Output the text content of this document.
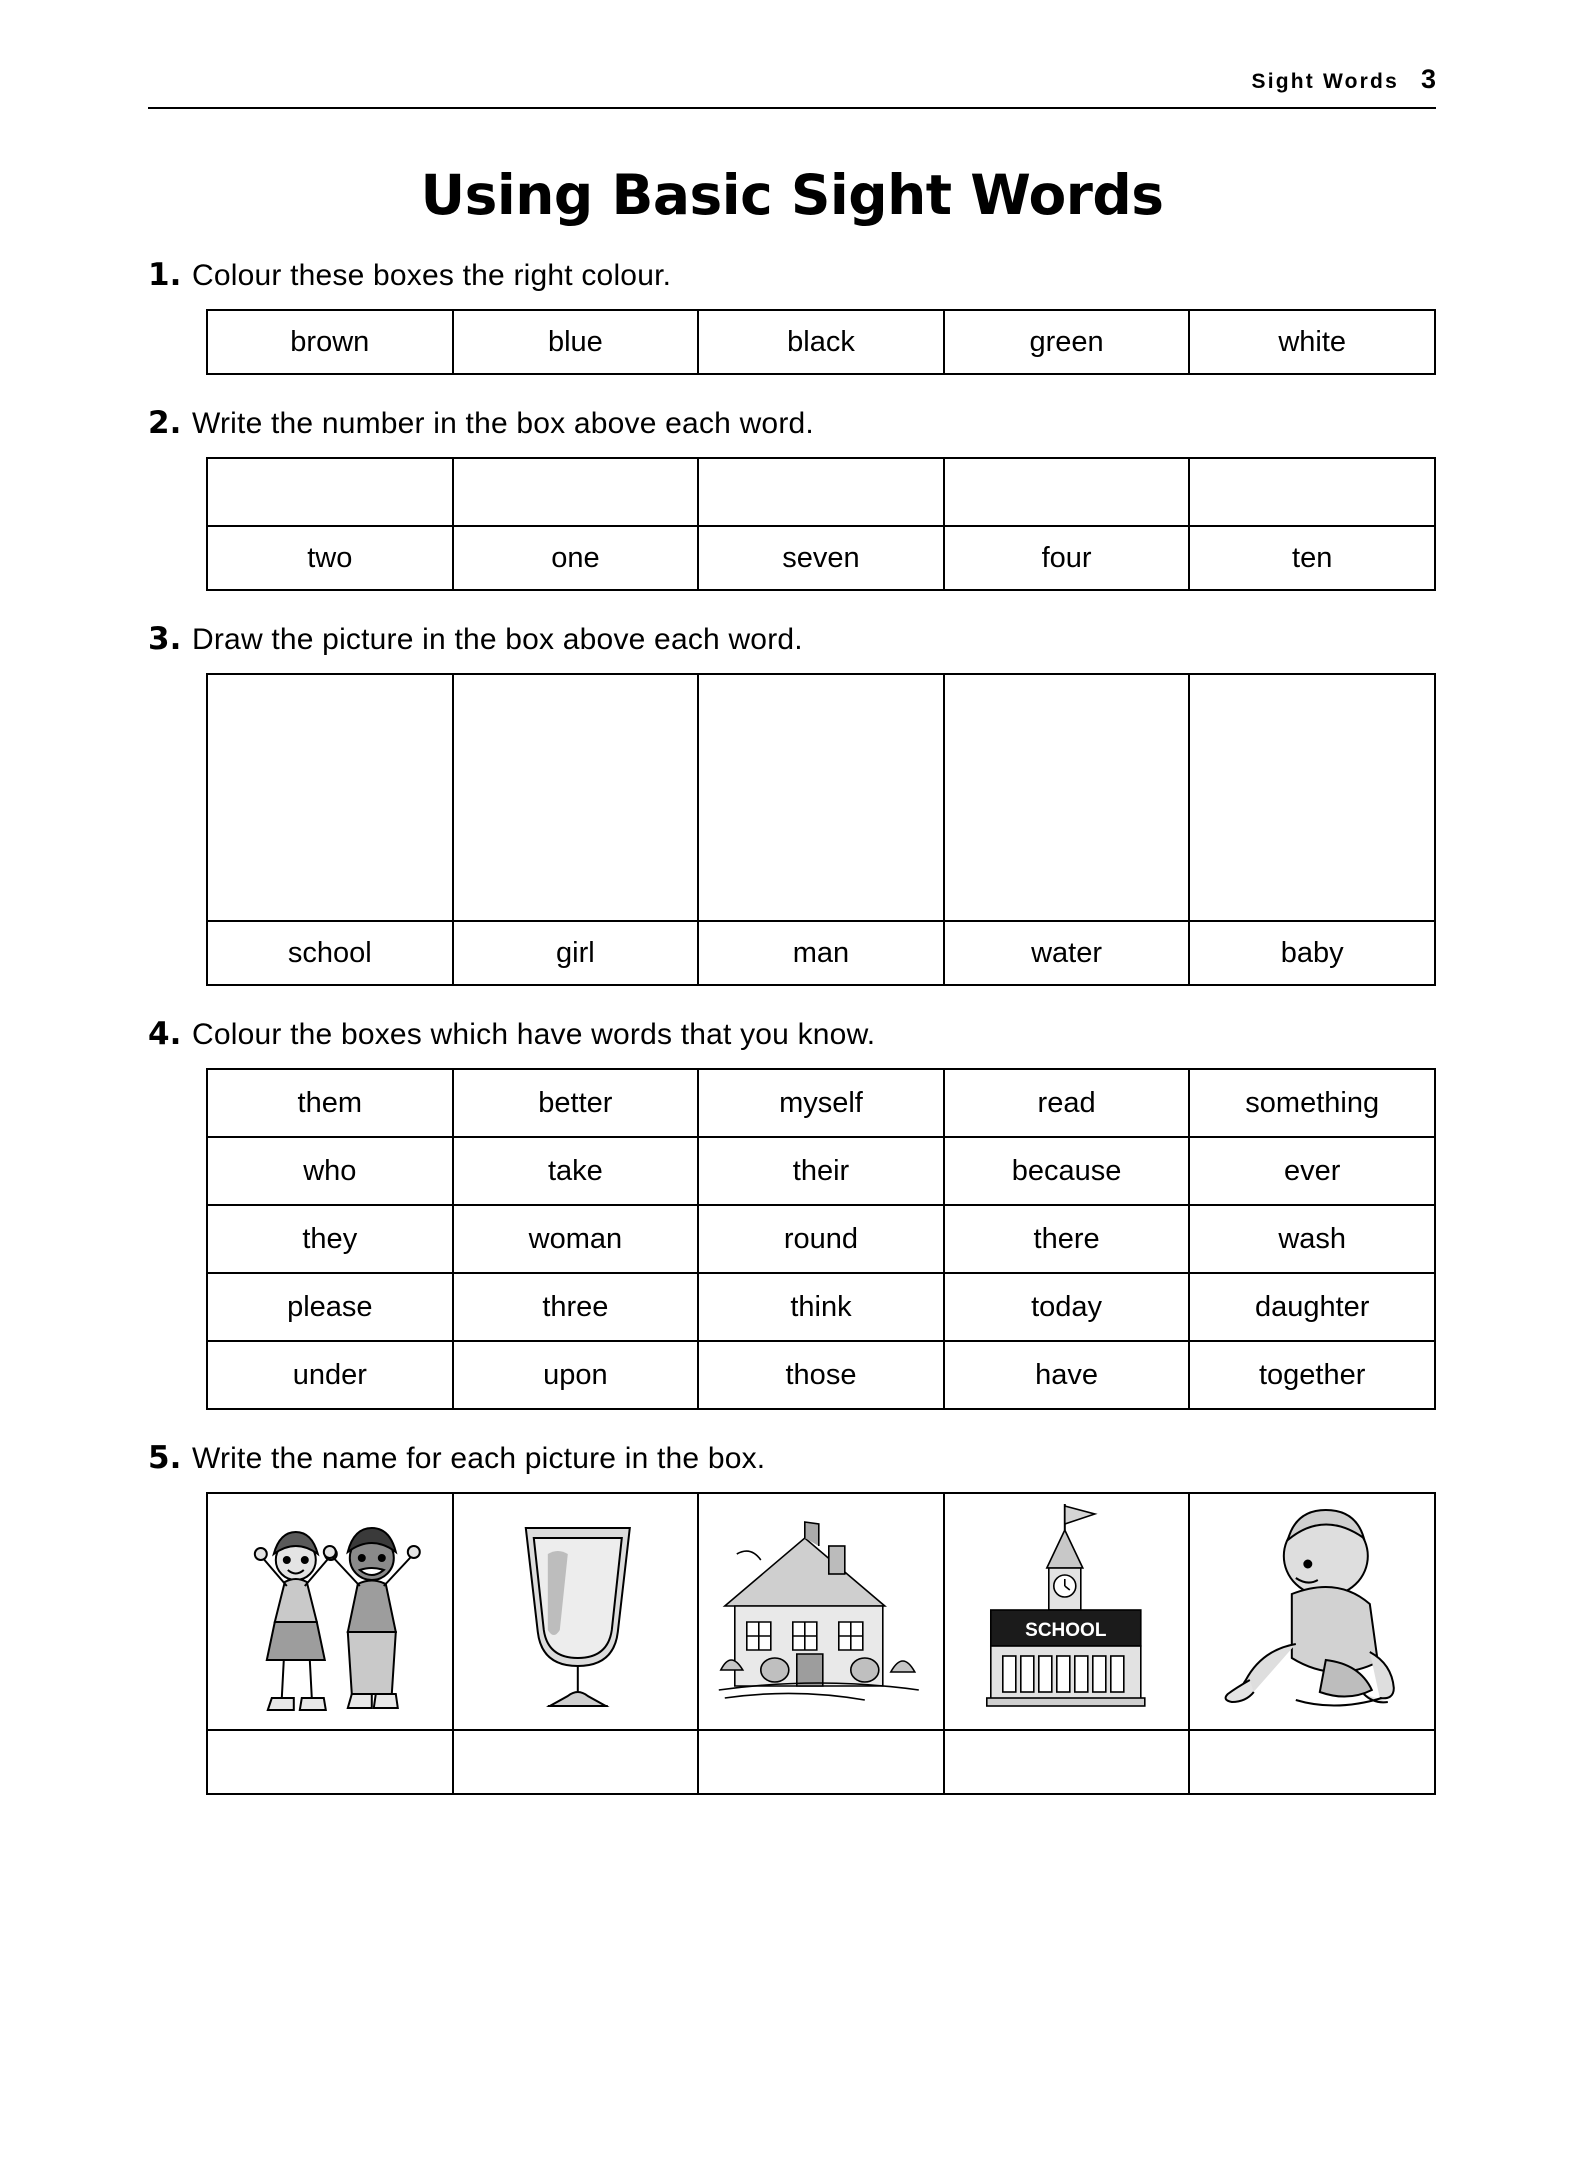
Sight Words 3
Using Basic Sight Words
1. Colour these boxes the right colour.
brown	blue	black	green	white
2. Write the number in the box above each word.

two	one	seven	four	ten
3. Draw the picture in the box above each word.

school	girl	man	water	baby
4. Colour the boxes which have words that you know.
them	better	myself	read	something
who	take	their	because	ever
they	woman	round	there	wash
please	three	think	today	daughter
under	upon	those	have	together
5. Write the name for each picture in the box.

SCHOOL
